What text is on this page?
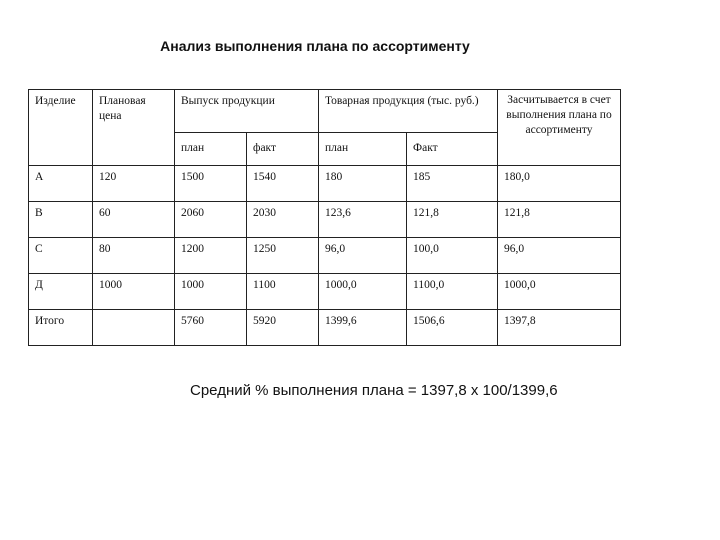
Анализ выполнения плана по ассортименту
Изделие	Плановая цена	Выпуск продукции		Товарная продукция (тыс. руб.)		Засчитывается в счет выполнения плана по ассортименту

		план	факт	план	Факт	

А	120	1500	1540	180	185	180,0

В	60	2060	2030	123,6	121,8	121,8

С	80	1200	1250	96,0	100,0	96,0

Д	1000	1000	1100	1000,0	1100,0	1000,0

Итого		5760	5920	1399,6	1506,6	1397,8
Средний % выполнения плана = 1397,8 х 100/1399,6
